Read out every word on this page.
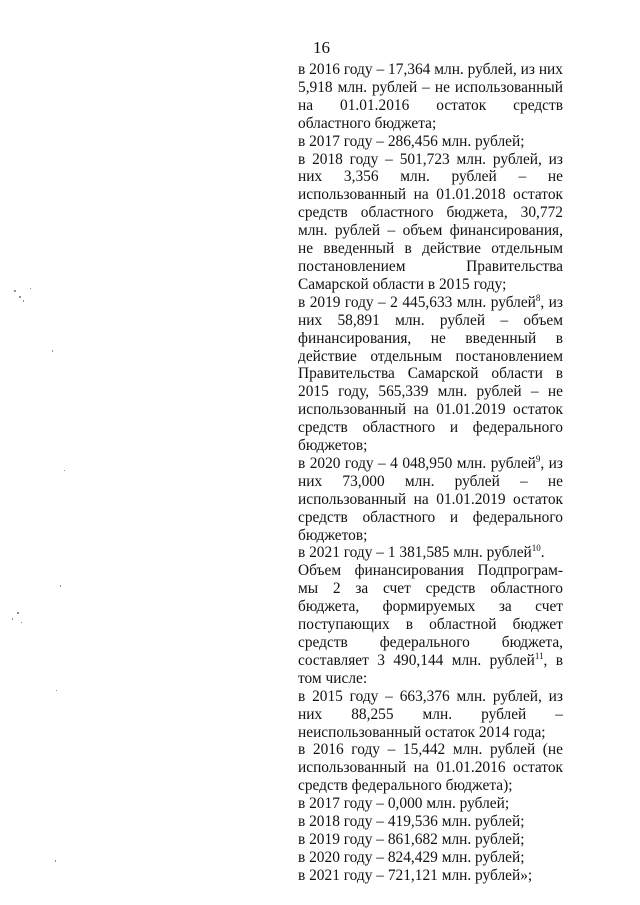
16

в 2016 году – 17,364 млн. рублей, из них 5,918 млн. рублей – не использованный на 01.01.2016 остаток средств областного бюджета;

в 2017 году – 286,456 млн. рублей;

в 2018 году – 501,723 млн. рублей, из них 3,356 млн. рублей – не использованный на 01.01.2018 остаток средств областного бюджета, 30,772 млн. рублей – объем финансирования, не введенный в действие отдельным постановлением Правительства Самарской области в 2015 году;

в 2019 году – 2 445,633 млн. рублей$^8$, из них 58,891 млн. рублей – объем финансирования, не введенный в действие отдельным постановлением Правительства Самарской области в 2015 году, 565,339 млн. рублей – не использованный на 01.01.2019 остаток средств областного и федерального бюджетов;

в 2020 году – 4 048,950 млн. рублей$^9$, из них 73,000 млн. рублей – не использованный на 01.01.2019 остаток средств областного и федерального бюджетов;

в 2021 году – 1 381,585 млн. рублей$^{10}$.

Объем финансирования Подпрограм-мы 2 за счет средств областного бюджета, формируемых за счет поступающих в областной бюджет средств федерального бюджета, составляет 3 490,144 млн. рублей$^{11}$, в том числе:

в 2015 году – 663,376 млн. рублей, из них 88,255 млн. рублей – неиспользованный остаток 2014 года;

в 2016 году – 15,442 млн. рублей (не использованный на 01.01.2016 остаток средств федерального бюджета);

в 2017 году – 0,000 млн. рублей;

в 2018 году – 419,536 млн. рублей;

в 2019 году – 861,682 млн. рублей;

в 2020 году – 824,429 млн. рублей;

в 2021 году – 721,121 млн. рублей»;
